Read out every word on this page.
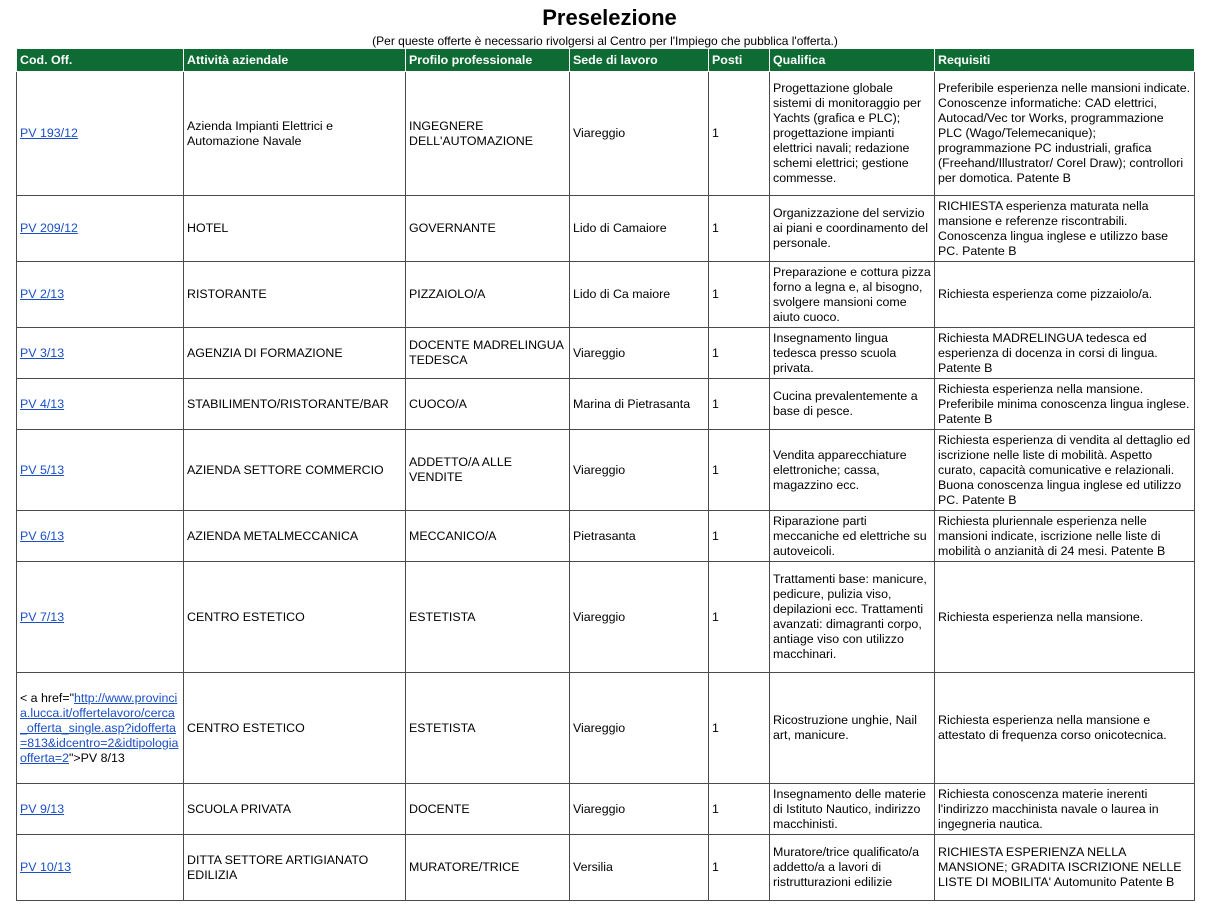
Preselezione
(Per queste offerte è necessario rivolgersi al Centro per l'Impiego che pubblica l'offerta.)
Cod. Off.	Attività aziendale	Profilo professionale	Sede di lavoro	Posti	Qualifica	Requisiti
PV 193/12	Azienda Impianti Elettrici e Automazione Navale	INGEGNERE DELL'AUTOMAZIONE	Viareggio	1	Progettazione globale sistemi di monitoraggio per Yachts (grafica e PLC); progettazione impianti elettrici navali; redazione schemi elettrici; gestione commesse.	Preferibile esperienza nelle mansioni indicate. Conoscenze informatiche: CAD elettrici, Autocad/Vec tor Works, programmazione PLC (Wago/Telemecanique); programmazione PC industriali, grafica (Freehand/Illustrator/ Corel Draw); controllori per domotica. Patente B
PV 209/12	HOTEL	GOVERNANTE	Lido di Camaiore	1	Organizzazione del servizio ai piani e coordinamento del personale.	RICHIESTA esperienza maturata nella mansione e referenze riscontrabili. Conoscenza lingua inglese e utilizzo base PC. Patente B
PV 2/13	RISTORANTE	PIZZAIOLO/A	Lido di Ca maiore	1	Preparazione e cottura pizza forno a legna e, al bisogno, svolgere mansioni come aiuto cuoco.	Richiesta esperienza come pizzaiolo/a.
PV 3/13	AGENZIA DI FORMAZIONE	DOCENTE MADRELINGUA TEDESCA	Viareggio	1	Insegnamento lingua tedesca presso scuola privata.	Richiesta MADRELINGUA tedesca ed esperienza di docenza in corsi di lingua. Patente B
PV 4/13	STABILIMENTO/RISTORANTE/BAR	CUOCO/A	Marina di Pietrasanta	1	Cucina prevalentemente a base di pesce.	Richiesta esperienza nella mansione. Preferibile minima conoscenza lingua inglese. Patente B
PV 5/13	AZIENDA SETTORE COMMERCIO	ADDETTO/A ALLE VENDITE	Viareggio	1	Vendita apparecchiature elettroniche; cassa, magazzino ecc.	Richiesta esperienza di vendita al dettaglio ed iscrizione nelle liste di mobilità. Aspetto curato, capacità comunicative e relazionali. Buona conoscenza lingua inglese ed utilizzo PC. Patente B
PV 6/13	AZIENDA METALMECCANICA	MECCANICO/A	Pietrasanta	1	Riparazione parti meccaniche ed elettriche su autoveicoli.	Richiesta pluriennale esperienza nelle mansioni indicate, iscrizione nelle liste di mobilità o anzianità di 24 mesi. Patente B
PV 7/13	CENTRO ESTETICO	ESTETISTA	Viareggio	1	Trattamenti base: manicure, pedicure, pulizia viso, depilazioni ecc. Trattamenti avanzati: dimagranti corpo, antiage viso con utilizzo macchinari.	Richiesta esperienza nella mansione.
< a href="http://www.provincia.lucca.it/offertelavoro/cerca_offerta_single.asp?idofferta=813&idcentro=2&idtipologiaofferta=2">PV 8/13	CENTRO ESTETICO	ESTETISTA	Viareggio	1	Ricostruzione unghie, Nail art, manicure.	Richiesta esperienza nella mansione e attestato di frequenza corso onicotecnica.
PV 9/13	SCUOLA PRIVATA	DOCENTE	Viareggio	1	Insegnamento delle materie di Istituto Nautico, indirizzo macchinisti.	Richiesta conoscenza materie inerenti l'indirizzo macchinista navale o laurea in ingegneria nautica.
PV 10/13	DITTA SETTORE ARTIGIANATO EDILIZIA	MURATORE/TRICE	Versilia	1	Muratore/trice qualificato/a addetto/a a lavori di ristrutturazioni edilizie	RICHIESTA ESPERIENZA NELLA MANSIONE; GRADITA ISCRIZIONE NELLE LISTE DI MOBILITA' Automunito Patente B
